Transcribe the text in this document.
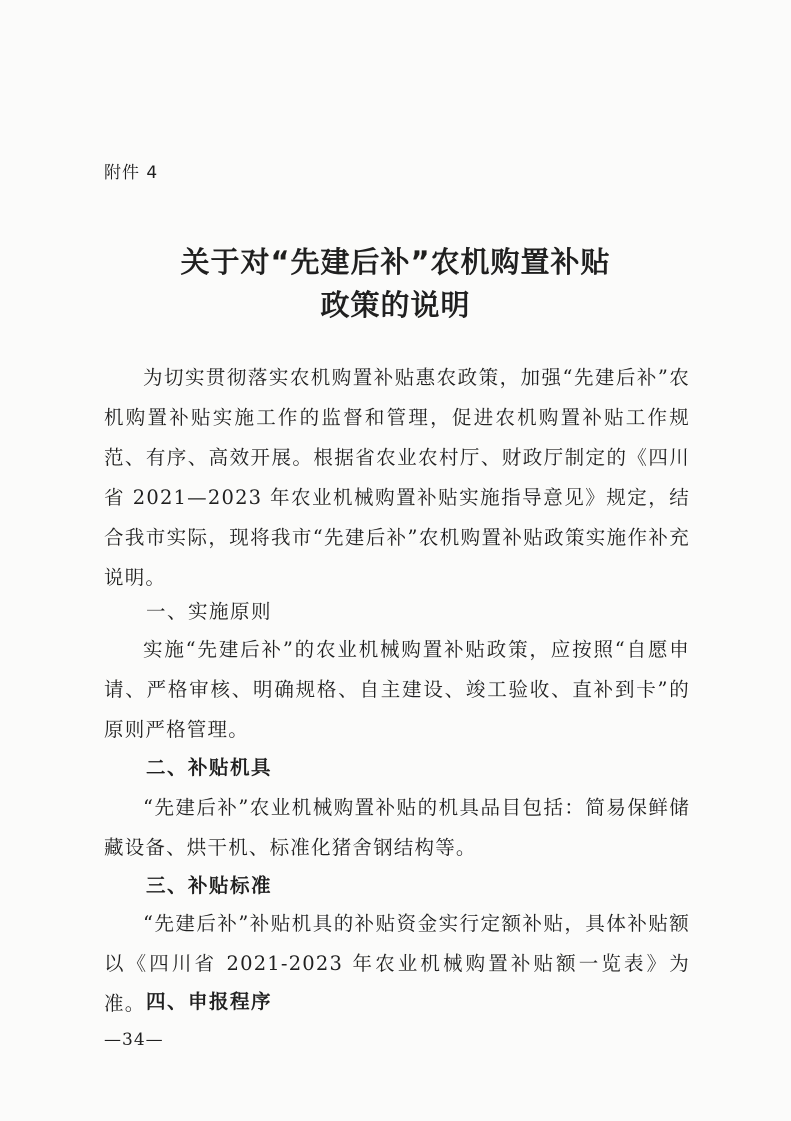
附件 4
关于对“先建后补”农机购置补贴
政策的说明

为切实贯彻落实农机购置补贴惠农政策，加强“先建后补”农机购置补贴实施工作的监督和管理，促进农机购置补贴工作规范、有序、高效开展。根据省农业农村厅、财政厅制定的《四川省 2021—2023 年农业机械购置补贴实施指导意见》规定，结合我市实际，现将我市“先建后补”农机购置补贴政策实施作补充说明。

一、实施原则

实施“先建后补”的农业机械购置补贴政策，应按照“自愿申请、严格审核、明确规格、自主建设、竣工验收、直补到卡”的原则严格管理。

二、补贴机具

“先建后补”农业机械购置补贴的机具品目包括：简易保鲜储藏设备、烘干机、标准化猪舍钢结构等。

三、补贴标准

“先建后补”补贴机具的补贴资金实行定额补贴，具体补贴额以《四川省 2021-2023 年农业机械购置补贴额一览表》为准。 四、申报程序
—34—
